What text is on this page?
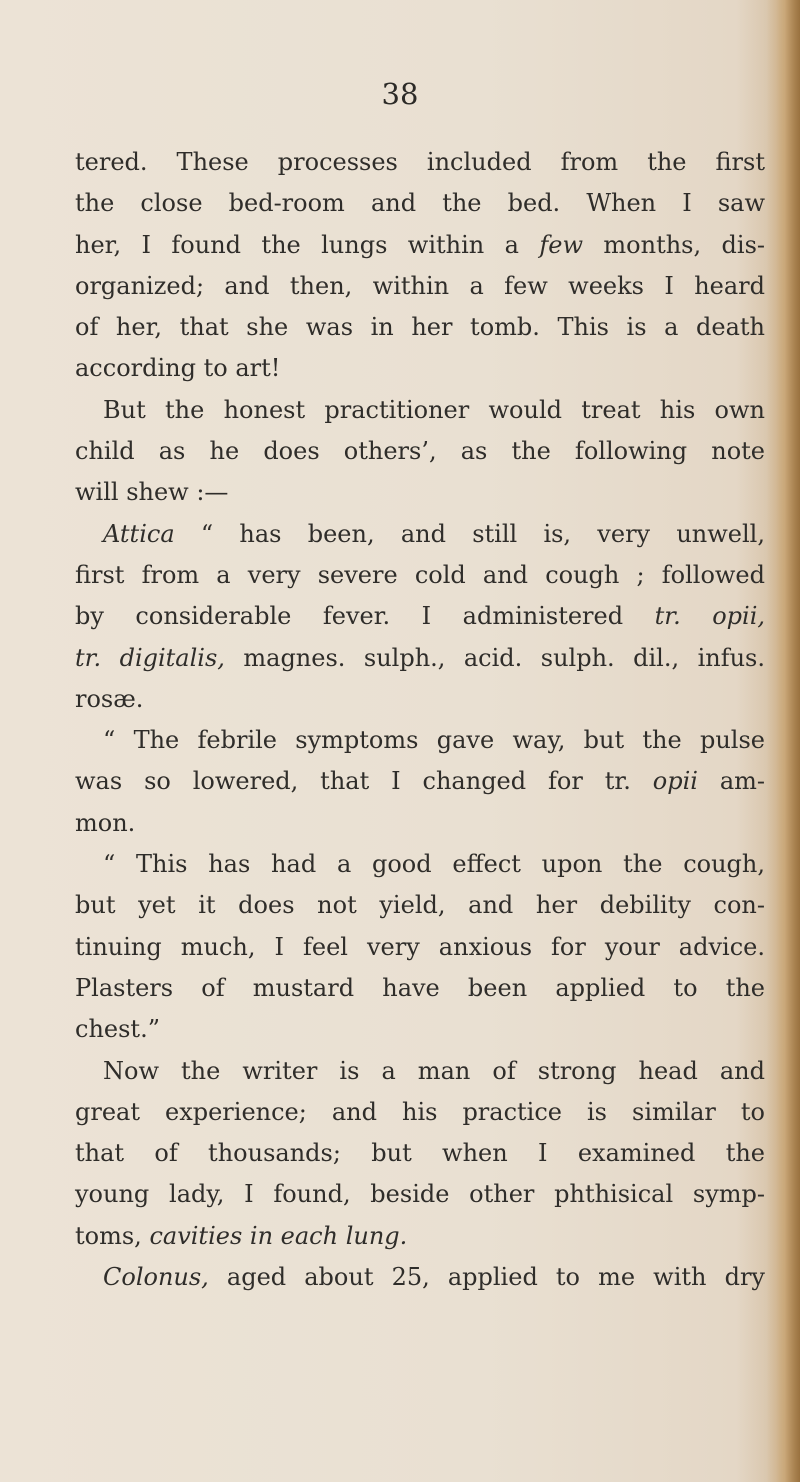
38

tered. These processes included from the first
the close bed-room and the bed. When I saw
her, I found the lungs within a few months, dis-
organized; and then, within a few weeks I heard
of her, that she was in her tomb. This is a death
according to art!
But the honest practitioner would treat his own
child as he does others’, as the following note
will shew :—
Attica “ has been, and still is, very unwell,
first from a very severe cold and cough ; followed
by considerable fever. I administered tr. opii,
tr. digitalis, magnes. sulph., acid. sulph. dil., infus.
rosæ.
“ The febrile symptoms gave way, but the pulse
was so lowered, that I changed for tr. opii am-
mon.
“ This has had a good effect upon the cough,
but yet it does not yield, and her debility con-
tinuing much, I feel very anxious for your advice.
Plasters of mustard have been applied to the
chest.”
Now the writer is a man of strong head and
great experience; and his practice is similar to
that of thousands; but when I examined the
young lady, I found, beside other phthisical symp-
toms, cavities in each lung.
Colonus, aged about 25, applied to me with dry
